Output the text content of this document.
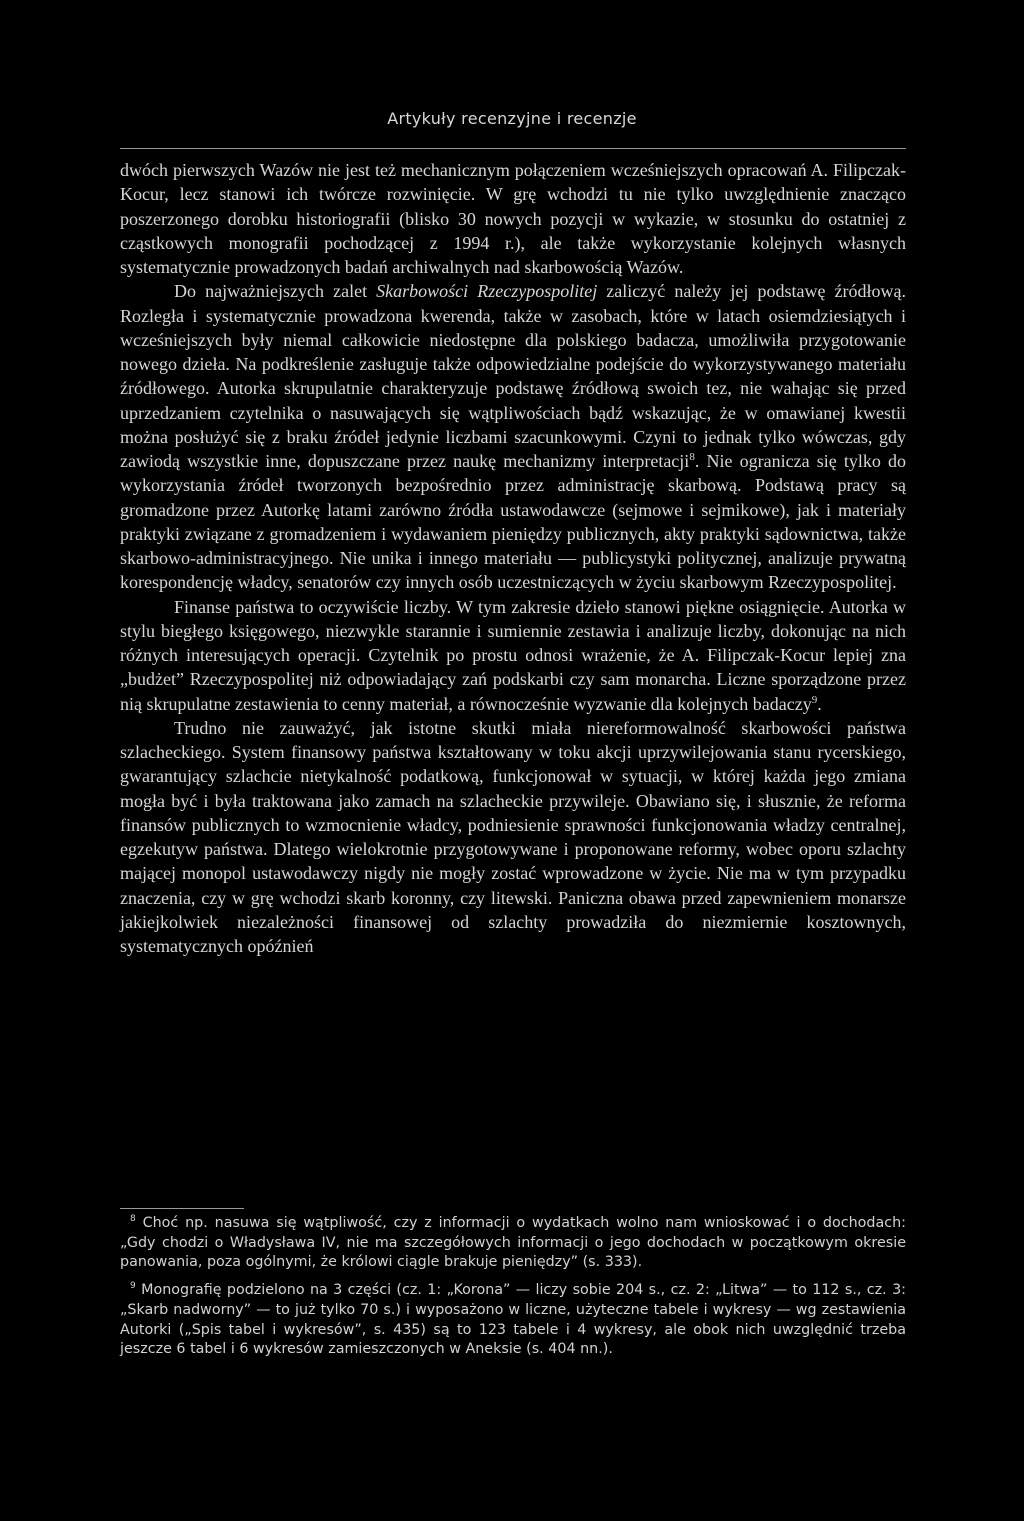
Artykuły recenzyjne i recenzje

dwóch pierwszych Wazów nie jest też mechanicznym połączeniem wcześniejszych opracowań A. Filipczak-Kocur, lecz stanowi ich twórcze rozwinięcie. W grę wchodzi tu nie tylko uwzględnienie znacząco poszerzonego dorobku historiografii (blisko 30 nowych pozycji w wykazie, w stosunku do ostatniej z cząstkowych monografii pochodzącej z 1994 r.), ale także wykorzystanie kolejnych własnych systematycznie prowadzonych badań archiwalnych nad skarbowością Wazów.

Do najważniejszych zalet Skarbowości Rzeczypospolitej zaliczyć należy jej podstawę źródłową. Rozległa i systematycznie prowadzona kwerenda, także w zasobach, które w latach osiemdziesiątych i wcześniejszych były niemal całkowicie niedostępne dla polskiego badacza, umożliwiła przygotowanie nowego dzieła. Na podkreślenie zasługuje także odpowiedzialne podejście do wykorzystywanego materiału źródłowego. Autorka skrupulatnie charakteryzuje podstawę źródłową swoich tez, nie wahając się przed uprzedzaniem czytelnika o nasuwających się wątpliwościach bądź wskazując, że w omawianej kwestii można posłużyć się z braku źródeł jedynie liczbami szacunkowymi. Czyni to jednak tylko wówczas, gdy zawiodą wszystkie inne, dopuszczane przez naukę mechanizmy interpretacji$^8$. Nie ogranicza się tylko do wykorzystania źródeł tworzonych bezpośrednio przez administrację skarbową. Podstawą pracy są gromadzone przez Autorkę latami zarówno źródła ustawodawcze (sejmowe i sejmikowe), jak i materiały praktyki związane z gromadzeniem i wydawaniem pieniędzy publicznych, akty praktyki sądownictwa, także skarbowo-administracyjnego. Nie unika i innego materiału — publicystyki politycznej, analizuje prywatną korespondencję władcy, senatorów czy innych osób uczestniczących w życiu skarbowym Rzeczypospolitej.

Finanse państwa to oczywiście liczby. W tym zakresie dzieło stanowi piękne osiągnięcie. Autorka w stylu biegłego księgowego, niezwykle starannie i sumiennie zestawia i analizuje liczby, dokonując na nich różnych interesujących operacji. Czytelnik po prostu odnosi wrażenie, że A. Filipczak-Kocur lepiej zna „budżet” Rzeczypospolitej niż odpowiadający zań podskarbi czy sam monarcha. Liczne sporządzone przez nią skrupulatne zestawienia to cenny materiał, a równocześnie wyzwanie dla kolejnych badaczy$^9$.

Trudno nie zauważyć, jak istotne skutki miała niereformowalność skarbowości państwa szlacheckiego. System finansowy państwa kształtowany w toku akcji uprzywilejowania stanu rycerskiego, gwarantujący szlachcie nietykalność podatkową, funkcjonował w sytuacji, w której każda jego zmiana mogła być i była traktowana jako zamach na szlacheckie przywileje. Obawiano się, i słusznie, że reforma finansów publicznych to wzmocnienie władcy, podniesienie sprawności funkcjonowania władzy centralnej, egzekutyw państwa. Dlatego wielokrotnie przygotowywane i proponowane reformy, wobec oporu szlachty mającej monopol ustawodawczy nigdy nie mogły zostać wprowadzone w życie. Nie ma w tym przypadku znaczenia, czy w grę wchodzi skarb koronny, czy litewski. Paniczna obawa przed zapewnieniem monarsze jakiejkolwiek niezależności finansowej od szlachty prowadziła do niezmiernie kosztownych, systematycznych opóźnień

$^8$ Choć np. nasuwa się wątpliwość, czy z informacji o wydatkach wolno nam wnioskować i o dochodach: „Gdy chodzi o Władysława IV, nie ma szczegółowych informacji o jego dochodach w początkowym okresie panowania, poza ogólnymi, że królowi ciągle brakuje pieniędzy” (s. 333).

$^9$ Monografię podzielono na 3 części (cz. 1: „Korona” — liczy sobie 204 s., cz. 2: „Litwa” — to 112 s., cz. 3: „Skarb nadworny” — to już tylko 70 s.) i wyposażono w liczne, użyteczne tabele i wykresy — wg zestawienia Autorki („Spis tabel i wykresów”, s. 435) są to 123 tabele i 4 wykresy, ale obok nich uwzględnić trzeba jeszcze 6 tabel i 6 wykresów zamieszczonych w Aneksie (s. 404 nn.).
